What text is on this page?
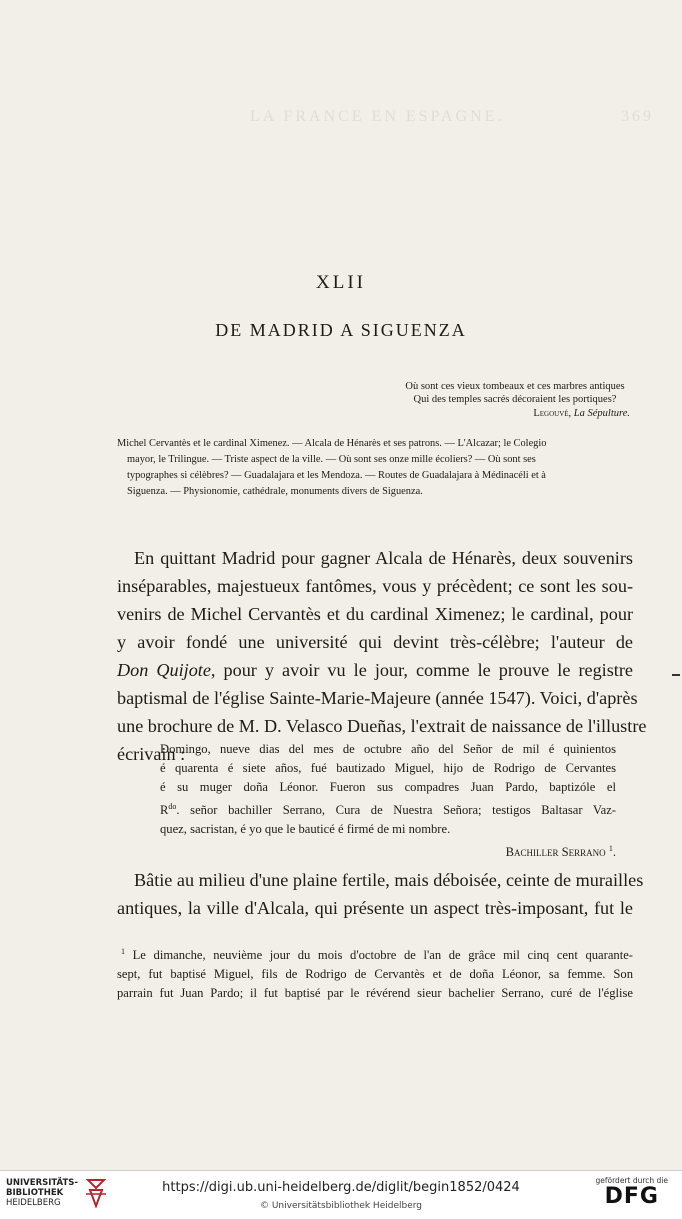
LA FRANCE EN ESPAGNE.	369
XLII
DE MADRID A SIGUENZA
Où sont ces vieux tombeaux et ces marbres antiques
Qui des temples sacrés décoraient les portiques?
Legouvé, La Sépulture.
Michel Cervantès et le cardinal Ximenez. — Alcala de Hénarès et ses patrons. — L'Alcazar; le Colegio
mayor, le Trilingue. — Triste aspect de la ville. — Où sont ses onze mille écoliers? — Où sont ses
typographes si célèbres? — Guadalajara et les Mendoza. — Routes de Guadalajara à Médinacéli et à
Siguenza. — Physionomie, cathédrale, monuments divers de Siguenza.
En quittant Madrid pour gagner Alcala de Hénarès, deux souvenirs
inséparables, majestueux fantômes, vous y précèdent; ce sont les sou-
venirs de Michel Cervantès et du cardinal Ximenez; le cardinal, pour
y avoir fondé une université qui devint très-célèbre; l'auteur de
Don Quijote, pour y avoir vu le jour, comme le prouve le registre
baptismal de l'église Sainte-Marie-Majeure (année 1547). Voici, d'après
une brochure de M. D. Velasco Dueñas, l'extrait de naissance de l'illustre
écrivain :
Domingo, nueve dias del mes de octubre año del Señor de mil é quinientos
é quarenta é siete años, fué bautizado Miguel, hijo de Rodrigo de Cervantes
é su muger doña Léonor. Fueron sus compadres Juan Pardo, baptizóle el
$R^{do}$. señor bachiller Serrano, Cura de Nuestra Señora; testigos Baltasar Vaz-
quez, sacristan, é yo que le bauticé é firmé de mi nombre.
Bachiller Serrano $^1$.
Bâtie au milieu d'une plaine fertile, mais déboisée, ceinte de murailles
antiques, la ville d'Alcala, qui présente un aspect très-imposant, fut le
$^1$ Le dimanche, neuvième jour du mois d'octobre de l'an de grâce mil cinq cent quarante-
sept, fut baptisé Miguel, fils de Rodrigo de Cervantès et de doña Léonor, sa femme. Son
parrain fut Juan Pardo; il fut baptisé par le révérend sieur bachelier Serrano, curé de l'église
UNIVERSITÄTS-
BIBLIOTHEK
HEIDELBERG
https://digi.ub.uni-heidelberg.de/diglit/begin1852/0424
© Universitätsbibliothek Heidelberg
gefördert durch die
DFG
